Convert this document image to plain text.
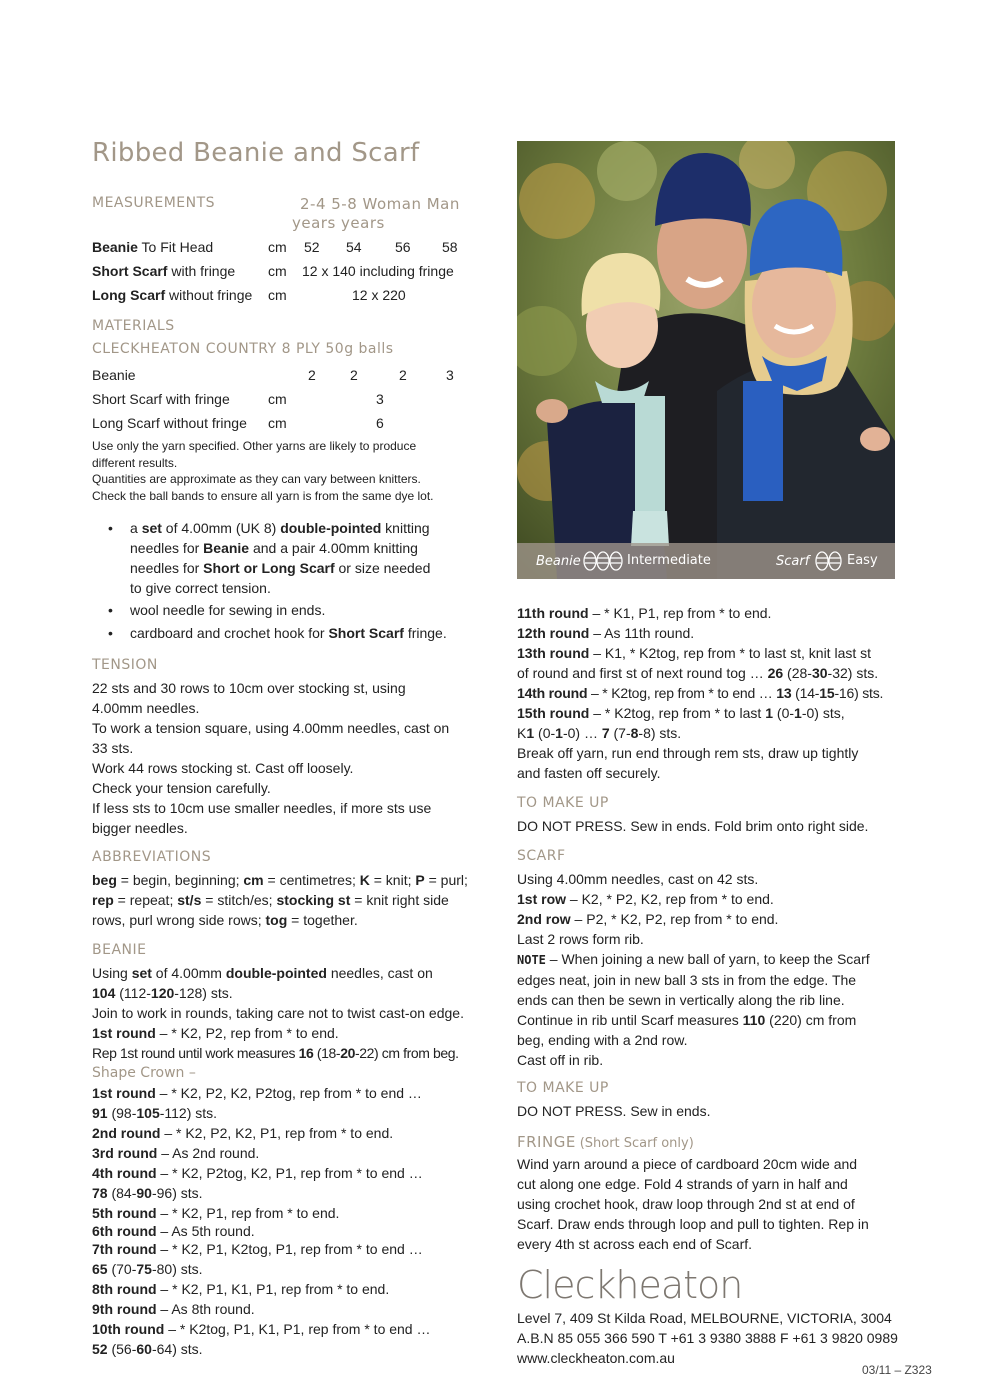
Ribbed Beanie and Scarf
MEASUREMENTS	2-4 5-8 Woman Man
years years
Beanie To Fit Head	cm 52 54 56 58
Short Scarf with fringe cm 12 x 140 including fringe
Long Scarf without fringe cm	12 x 220
MATERIALS
CLECKHEATON COUNTRY 8 PLY 50g balls
Beanie	2 2	2	3
Short Scarf with fringe	cm	3
Long Scarf without fringe cm	6
Use only the yarn specified. Other yarns are likely to produce
different results.
Quantities are approximate as they can vary between knitters.
Check the ball bands to ensure all yarn is from the same dye lot.
• a set of 4.00mm (UK 8) double-pointed knitting
needles for Beanie and a pair 4.00mm knitting
needles for Short or Long Scarf or size needed
to give correct tension.
• wool needle for sewing in ends.
• cardboard and crochet hook for Short Scarf fringe.
TENSION
22 sts and 30 rows to 10cm over stocking st, using
4.00mm needles.
To work a tension square, using 4.00mm needles, cast on
33 sts.
Work 44 rows stocking st. Cast off loosely.
Check your tension carefully.
If less sts to 10cm use smaller needles, if more sts use
bigger needles.
ABBREVIATIONS
beg = begin, beginning; cm = centimetres; K = knit; P = purl;
rep = repeat; st/s = stitch/es; stocking st = knit right side
rows, purl wrong side rows; tog = together.
BEANIE
Using set of 4.00mm double-pointed needles, cast on
104 (112-120-128) sts.
Join to work in rounds, taking care not to twist cast-on edge.
1st round – * K2, P2, rep from * to end.
Rep 1st round until work measures 16 (18-20-22) cm from beg.
Shape Crown –
1st round – * K2, P2, K2, P2tog, rep from * to end …
91 (98-105-112) sts.
2nd round – * K2, P2, K2, P1, rep from * to end.
3rd round – As 2nd round.
4th round – * K2, P2tog, K2, P1, rep from * to end …
78 (84-90-96) sts.
5th round – * K2, P1, rep from * to end.
6th round – As 5th round.
7th round – * K2, P1, K2tog, P1, rep from * to end …
65 (70-75-80) sts.
8th round – * K2, P1, K1, P1, rep from * to end.
9th round – As 8th round.
10th round – * K2tog, P1, K1, P1, rep from * to end …
52 (56-60-64) sts.
Beanie	Intermediate	Scarf	Easy
11th round – * K1, P1, rep from * to end.
12th round – As 11th round.
13th round – K1, * K2tog, rep from * to last st, knit last st
of round and first st of next round tog … 26 (28-30-32) sts.
14th round – * K2tog, rep from * to end … 13 (14-15-16) sts.
15th round – * K2tog, rep from * to last 1 (0-1-0) sts,
K1 (0-1-0) … 7 (7-8-8) sts.
Break off yarn, run end through rem sts, draw up tightly
and fasten off securely.
TO MAKE UP
DO NOT PRESS. Sew in ends. Fold brim onto right side.
SCARF
Using 4.00mm needles, cast on 42 sts.
1st row – K2, * P2, K2, rep from * to end.
2nd row – P2, * K2, P2, rep from * to end.
Last 2 rows form rib.
NOTE – When joining a new ball of yarn, to keep the Scarf
edges neat, join in new ball 3 sts in from the edge. The
ends can then be sewn in vertically along the rib line.
Continue in rib until Scarf measures 110 (220) cm from
beg, ending with a 2nd row.
Cast off in rib.
TO MAKE UP
DO NOT PRESS. Sew in ends.
FRINGE (Short Scarf only)
Wind yarn around a piece of cardboard 20cm wide and
cut along one edge. Fold 4 strands of yarn in half and
using crochet hook, draw loop through 2nd st at end of
Scarf. Draw ends through loop and pull to tighten. Rep in
every 4th st across each end of Scarf.
Cleckheaton
Level 7, 409 St Kilda Road, MELBOURNE, VICTORIA, 3004
A.B.N 85 055 366 590 T +61 3 9380 3888 F +61 3 9820 0989
www.cleckheaton.com.au
03/11 – Z323
